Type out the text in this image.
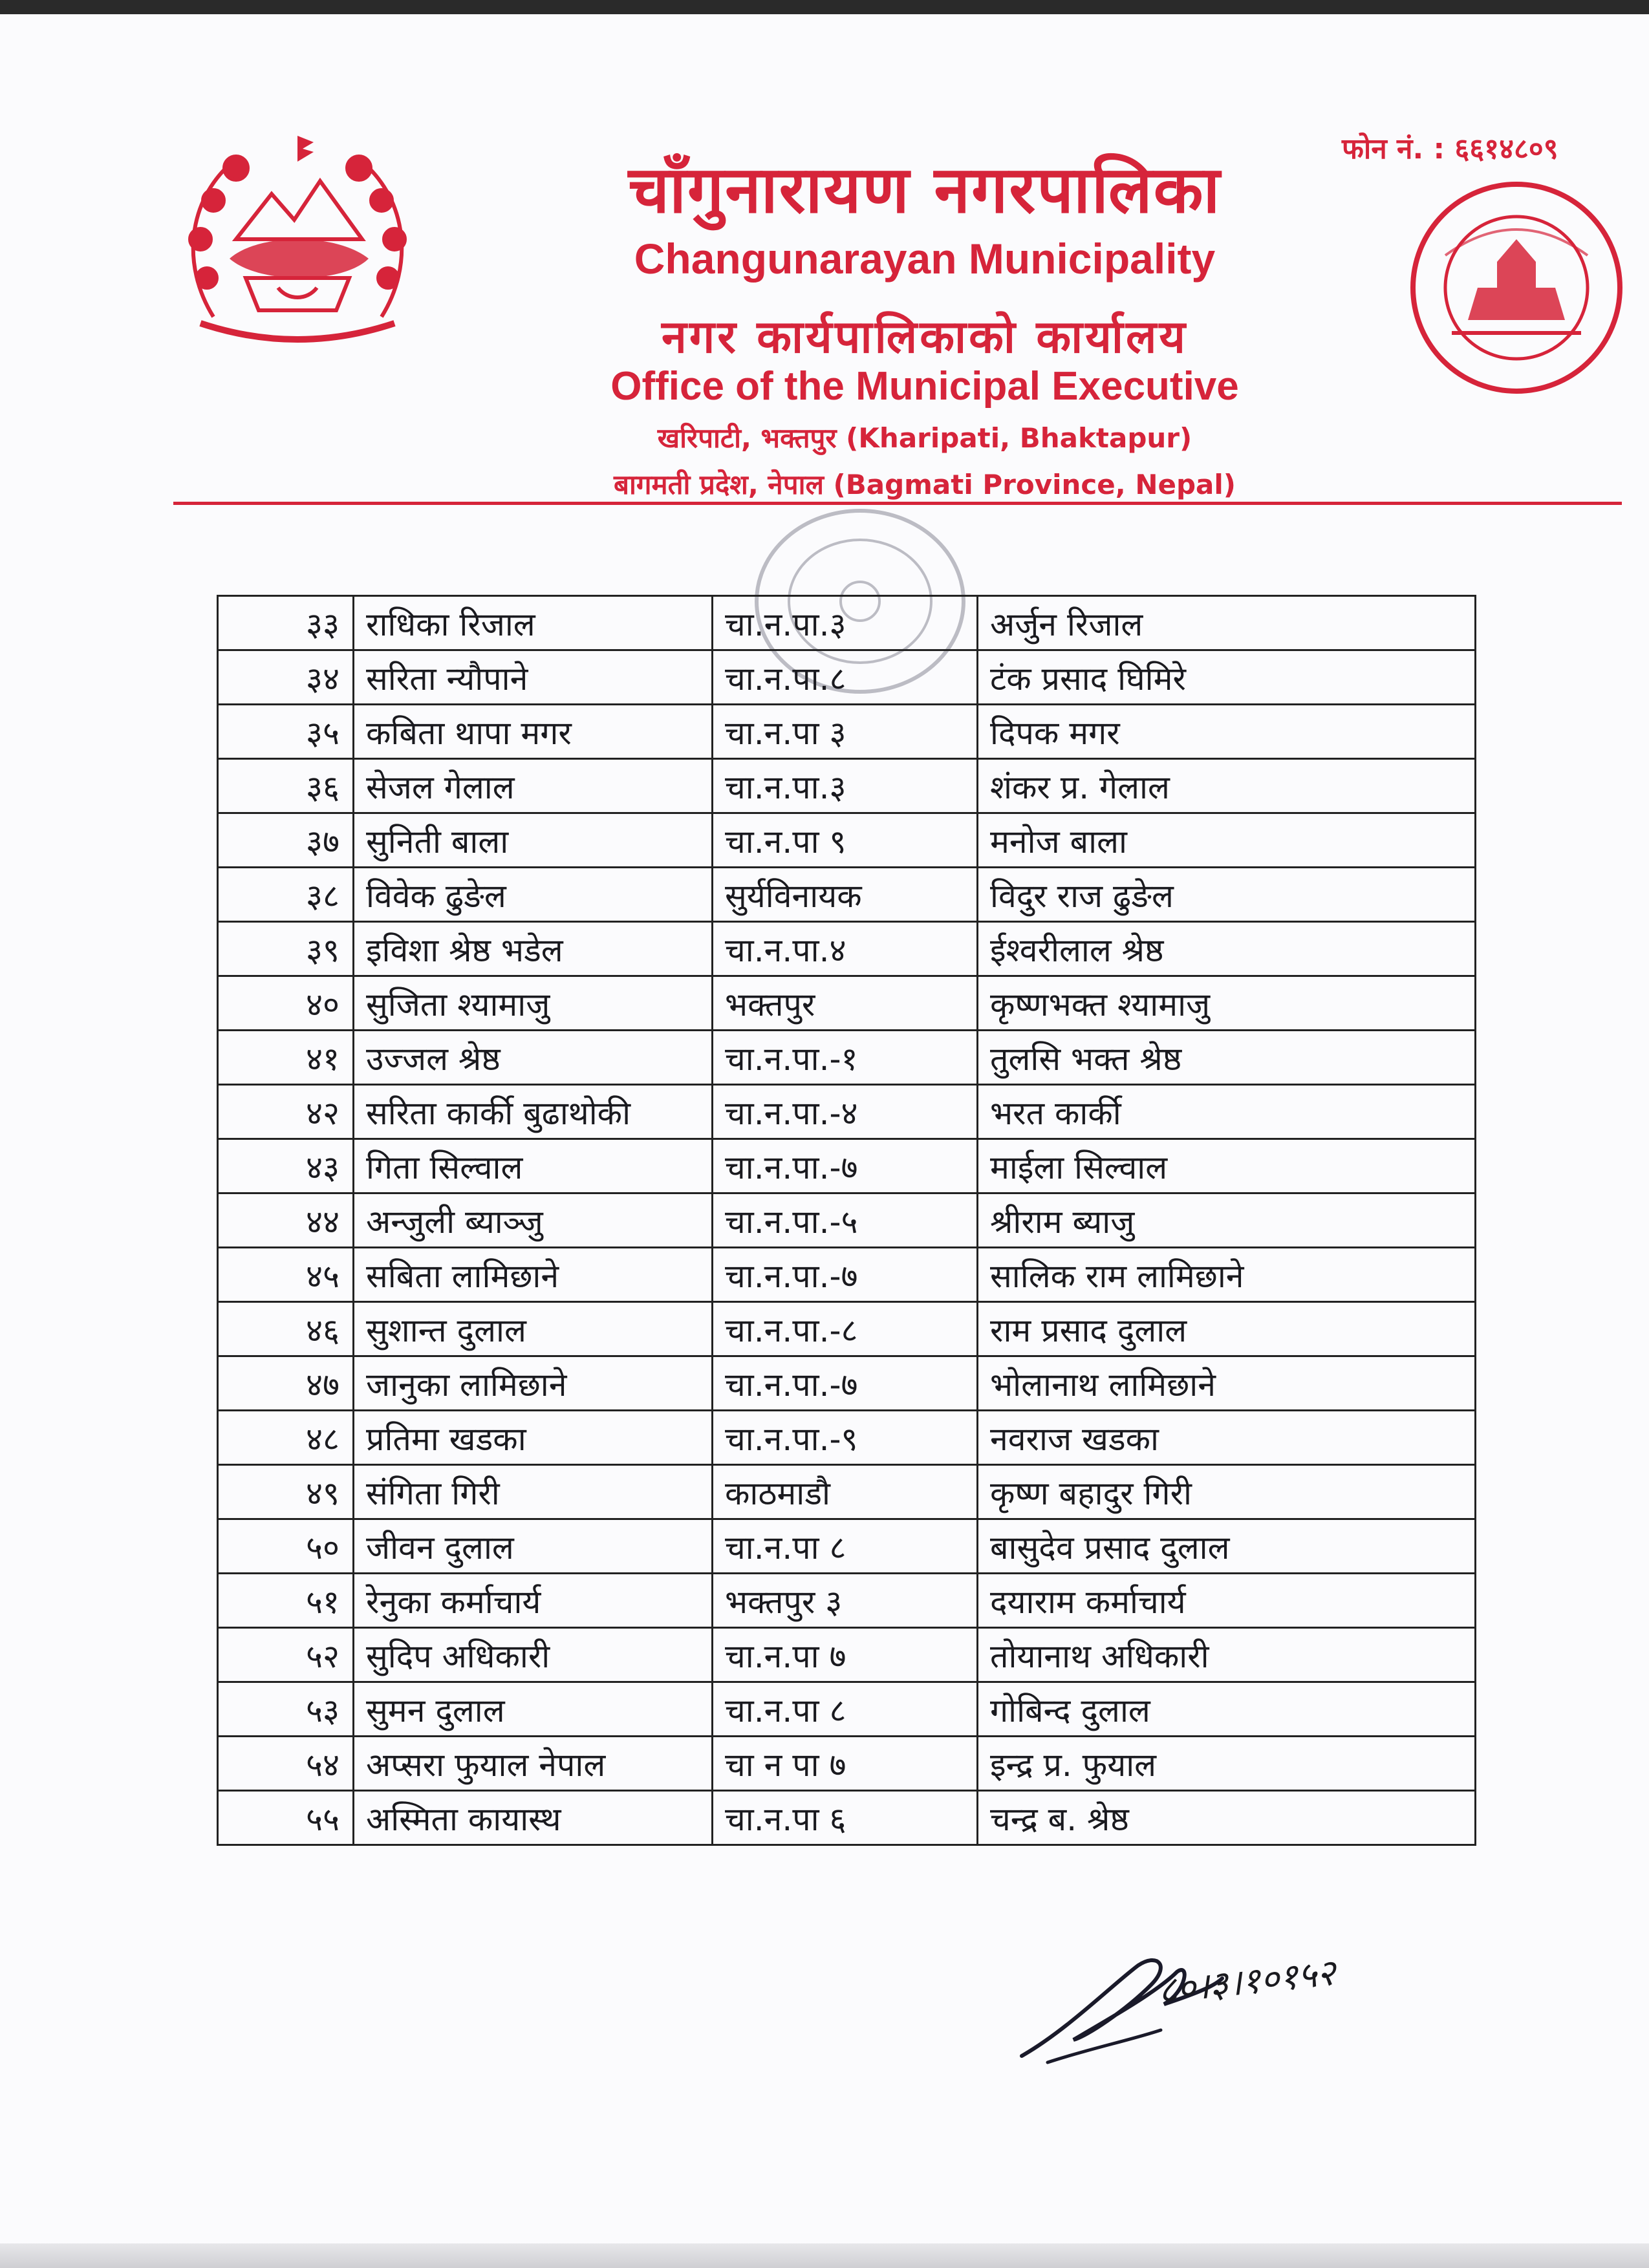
फोन नं. : ६६१४८०९
चाँगुनारायण नगरपालिका
Changunarayan Municipality
नगर कार्यपालिकाको कार्यालय
Office of the Municipal Executive
खरिपाटी, भक्तपुर (Kharipati, Bhaktapur)
बागमती प्रदेश, नेपाल (Bagmati Province, Nepal)
३३	राधिका रिजाल	चा.न.पा.३	अर्जुन रिजाल
३४	सरिता न्यौपाने	चा.न.पा.८	टंक प्रसाद घिमिरे
३५	कबिता थापा मगर	चा.न.पा ३	दिपक मगर
३६	सेजल गेलाल	चा.न.पा.३	शंकर प्र. गेलाल
३७	सुनिती बाला	चा.न.पा ९	मनोज बाला
३८	विवेक ढुङेल	सुर्यविनायक	विदुर राज ढुङेल
३९	इविशा श्रेष्ठ भडेल	चा.न.पा.४	ईश्वरीलाल श्रेष्ठ
४०	सुजिता श्यामाजु	भक्तपुर	कृष्णभक्त श्यामाजु
४१	उज्जल श्रेष्ठ	चा.न.पा.-१	तुलसि भक्त श्रेष्ठ
४२	सरिता कार्की बुढाथोकी	चा.न.पा.-४	भरत कार्की
४३	गिता सिल्वाल	चा.न.पा.-७	माईला सिल्वाल
४४	अन्जुली ब्याञ्जु	चा.न.पा.-५	श्रीराम ब्याजु
४५	सबिता लामिछाने	चा.न.पा.-७	सालिक राम लामिछाने
४६	सुशान्त दुलाल	चा.न.पा.-८	राम प्रसाद दुलाल
४७	जानुका लामिछाने	चा.न.पा.-७	भोलानाथ लामिछाने
४८	प्रतिमा खडका	चा.न.पा.-९	नवराज खडका
४९	संगिता गिरी	काठमाडौ	कृष्ण बहादुर गिरी
५०	जीवन दुलाल	चा.न.पा ८	बासुदेव प्रसाद दुलाल
५१	रेनुका कर्माचार्य	भक्तपुर ३	दयाराम कर्माचार्य
५२	सुदिप अधिकारी	चा.न.पा ७	तोयानाथ अधिकारी
५३	सुमन दुलाल	चा.न.पा ८	गोबिन्द दुलाल
५४	अप्सरा फुयाल नेपाल	चा न पा ७	इन्द्र प्र. फुयाल
५५	अस्मिता कायास्थ	चा.न.पा ६	चन्द्र ब. श्रेष्ठ
८०।३।१०१५२
